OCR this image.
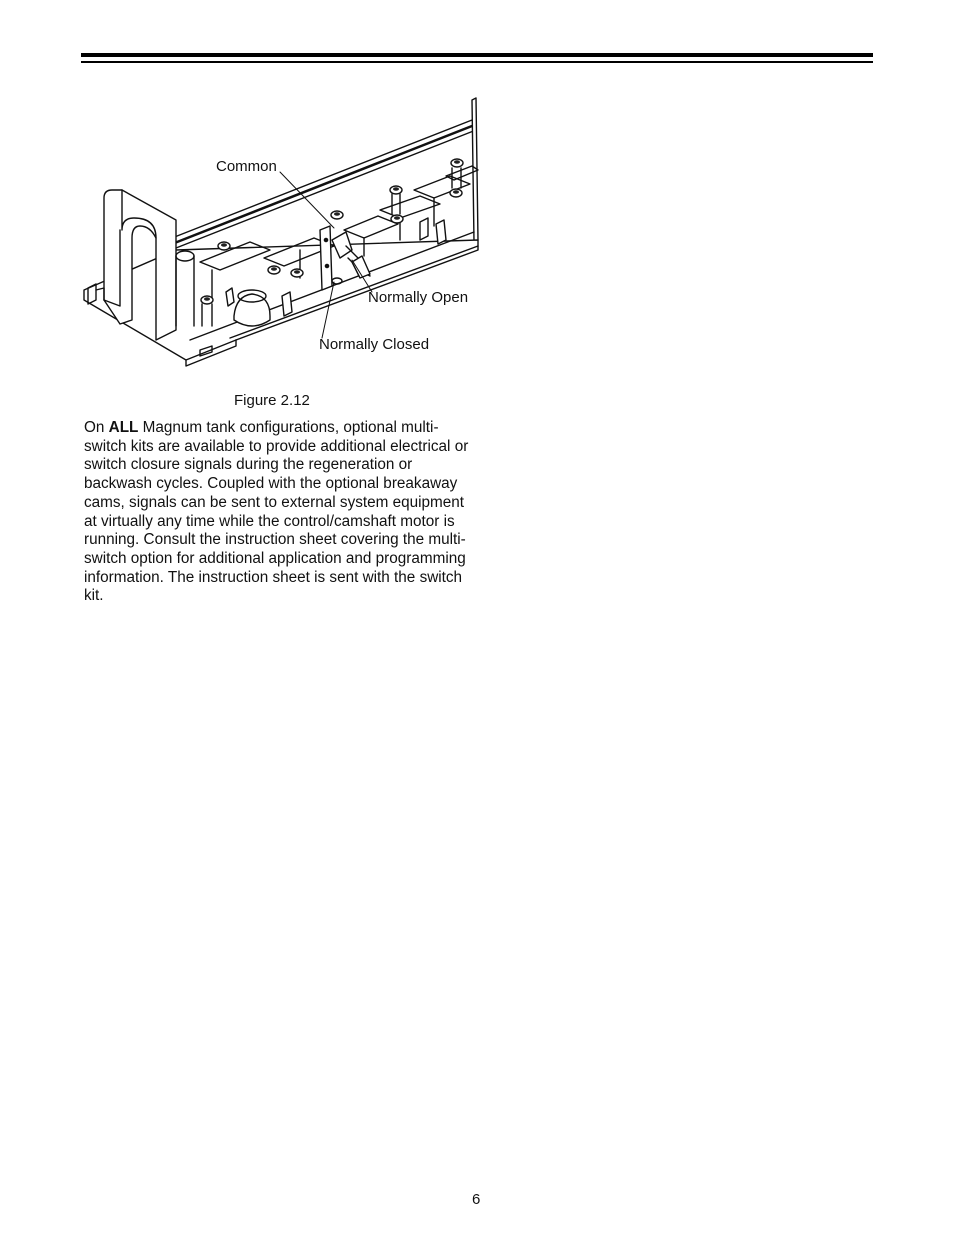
Common
Normally Open
Normally Closed
Figure 2.12

On ALL Magnum tank configurations, optional multi-switch kits are available to provide additional electrical or switch closure signals during the regeneration or backwash cycles. Coupled with the optional breakaway cams, signals can be sent to external system equipment at virtually any time while the control/camshaft motor is running. Consult the instruction sheet covering the multi-switch option for additional application and programming information. The instruction sheet is sent with the switch kit.

6
